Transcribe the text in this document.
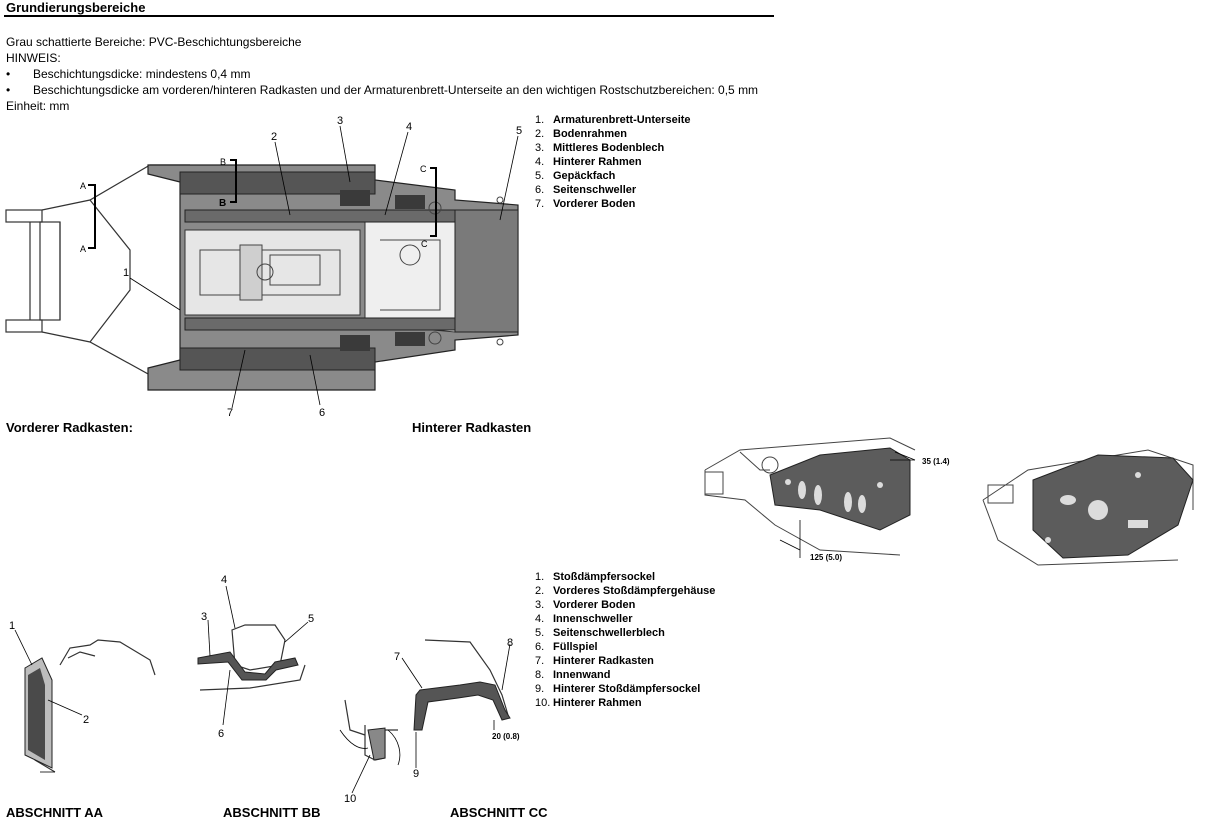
Grundierungsbereiche
Grau schattierte Bereiche: PVC-Beschichtungsbereiche
HINWEIS:
• Beschichtungsdicke: mindestens 0,4 mm
• Beschichtungsdicke am vorderen/hinteren Radkasten und der Armaturenbrett-Unterseite an den wichtigen Rostschutzbereichen: 0,5 mm
Einheit: mm
A
A
B
B
C
C
1
2
3	4	5
6
7
1. Armaturenbrett-Unterseite
2. Bodenrahmen
3. Mittleres Bodenblech
4. Hinterer Rahmen
5. Gepäckfach
6. Seitenschweller
7. Vorderer Boden
Vorderer Radkasten:	Hinterer Radkasten
35 (1.4)
125 (5.0)
1. Stoßdämpfersockel
2. Vorderes Stoßdämpfergehäuse
3. Vorderer Boden
4. Innenschweller
5. Seitenschwellerblech
6. Füllspiel
7. Hinterer Radkasten
8. Innenwand
9. Hinterer Stoßdämpfersockel
10. Hinterer Rahmen
1
2
4
3	5
6
7
8
9
10
20 (0.8)
ABSCHNITT AA	ABSCHNITT BB	ABSCHNITT CC
